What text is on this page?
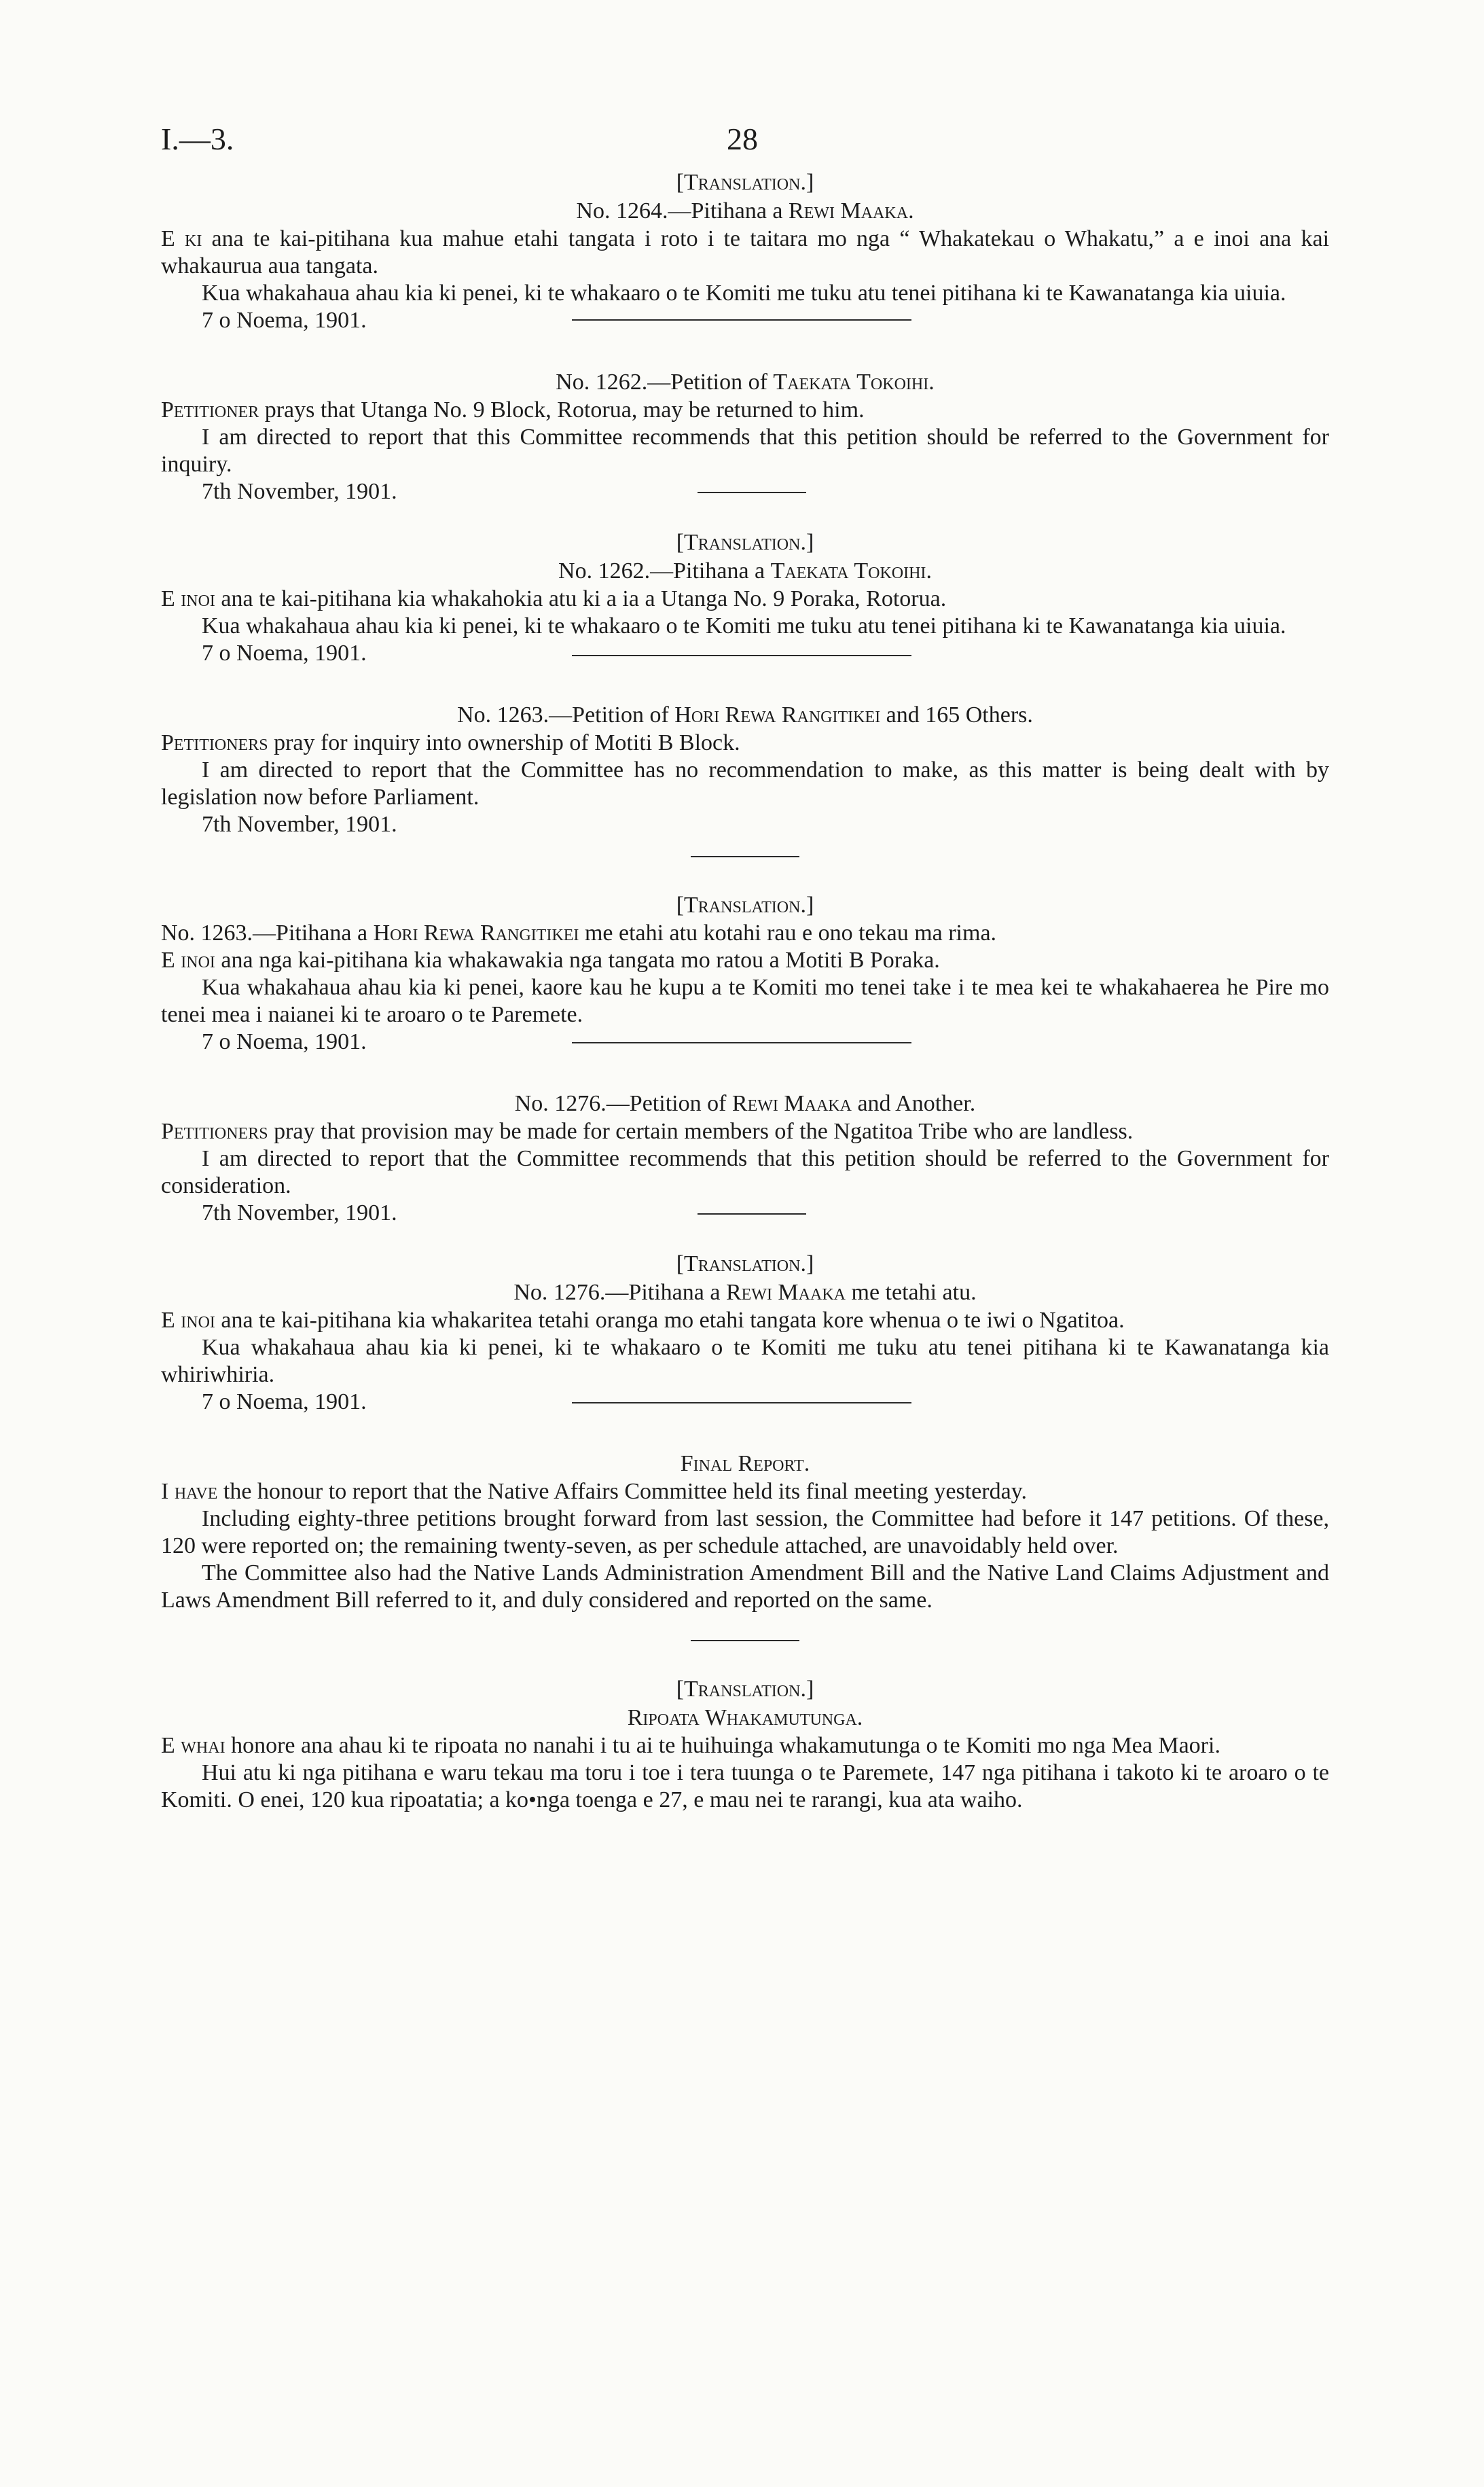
I.—3.	28

[Translation.]

No. 1264.—Pitihana a Rewi Maaka.

E ki ana te kai-pitihana kua mahue etahi tangata i roto i te taitara mo nga “ Whakatekau o Whakatu,” a e inoi ana kai whakaurua aua tangata.

Kua whakahaua ahau kia ki penei, ki te whakaaro o te Komiti me tuku atu tenei pitihana ki te Kawanatanga kia uiuia.

7 o Noema, 1901.

No. 1262.—Petition of Taekata Tokoihi.

Petitioner prays that Utanga No. 9 Block, Rotorua, may be returned to him.

I am directed to report that this Committee recommends that this petition should be referred to the Government for inquiry.

7th November, 1901.

[Translation.]

No. 1262.—Pitihana a Taekata Tokoihi.

E inoi ana te kai-pitihana kia whakahokia atu ki a ia a Utanga No. 9 Poraka, Rotorua.

Kua whakahaua ahau kia ki penei, ki te whakaaro o te Komiti me tuku atu tenei pitihana ki te Kawanatanga kia uiuia.

7 o Noema, 1901.

No. 1263.—Petition of Hori Rewa Rangitikei and 165 Others.

Petitioners pray for inquiry into ownership of Motiti B Block.

I am directed to report that the Committee has no recommendation to make, as this matter is being dealt with by legislation now before Parliament.

7th November, 1901.

[Translation.]

No. 1263.—Pitihana a Hori Rewa Rangitikei me etahi atu kotahi rau e ono tekau ma rima.

E inoi ana nga kai-pitihana kia whakawakia nga tangata mo ratou a Motiti B Poraka.

Kua whakahaua ahau kia ki penei, kaore kau he kupu a te Komiti mo tenei take i te mea kei te whakahaerea he Pire mo tenei mea i naianei ki te aroaro o te Paremete.

7 o Noema, 1901.

No. 1276.—Petition of Rewi Maaka and Another.

Petitioners pray that provision may be made for certain members of the Ngatitoa Tribe who are landless.

I am directed to report that the Committee recommends that this petition should be referred to the Government for consideration.

7th November, 1901.

[Translation.]

No. 1276.—Pitihana a Rewi Maaka me tetahi atu.

E inoi ana te kai-pitihana kia whakaritea tetahi oranga mo etahi tangata kore whenua o te iwi o Ngatitoa.

Kua whakahaua ahau kia ki penei, ki te whakaaro o te Komiti me tuku atu tenei pitihana ki te Kawanatanga kia whiriwhiria.

7 o Noema, 1901.

Final Report.

I have the honour to report that the Native Affairs Committee held its final meeting yesterday.

Including eighty-three petitions brought forward from last session, the Committee had before it 147 petitions. Of these, 120 were reported on; the remaining twenty-seven, as per schedule attached, are unavoidably held over.

The Committee also had the Native Lands Administration Amendment Bill and the Native Land Claims Adjustment and Laws Amendment Bill referred to it, and duly considered and reported on the same.

[Translation.]

Ripoata Whakamutunga.

E whai honore ana ahau ki te ripoata no nanahi i tu ai te huihuinga whakamutunga o te Komiti mo nga Mea Maori.

Hui atu ki nga pitihana e waru tekau ma toru i toe i tera tuunga o te Paremete, 147 nga pitihana i takoto ki te aroaro o te Komiti. O enei, 120 kua ripoatatia; a ko•nga toenga e 27, e mau nei te rarangi, kua ata waiho.
